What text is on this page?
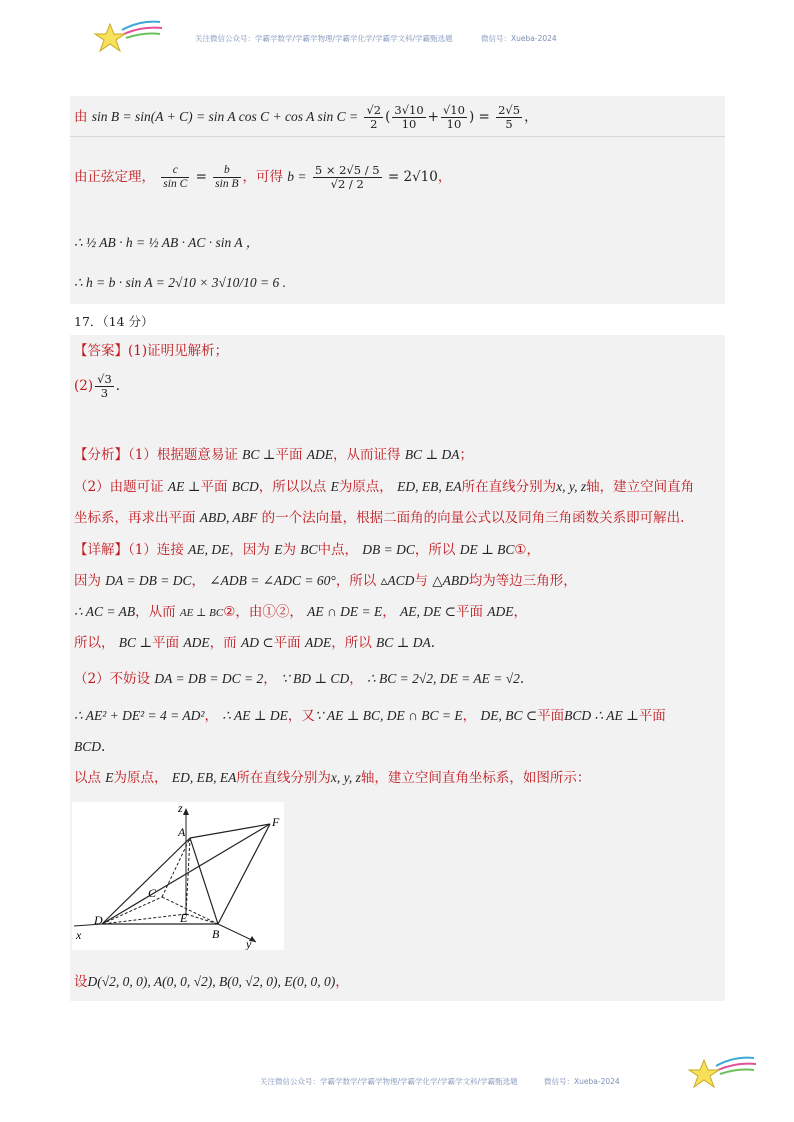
关注微信公众号：学霸学数学/学霸学物理/学霸学化学/学霸学文科/学霸甄选题	微信号：Xueba-2024
由 sin B = sin(A + C) = sin A cos C + cos A $\sin C = \frac{√2}{2}$ ( $\frac{3√10}{10} + \frac{√10}{10}$ ) = $\frac{2√5}{5}$ ，
由正弦定理， $\frac{c}{\text{sin C}} = \frac{b}{\text{sin B}}$ ，可得 $b = \frac{5 \times 2√5 / 5}{√2 / 2} = 2√10$，
∴ ½ AB · h = ½ AB · AC · sin A ，
∴ h = b · sin A = 2√10 × 3√10/10 = 6 .
17．（14 分）
【答案】(1)证明见解析；
$(2) \frac{√3}{3}$ .
【分析】（1）根据题意易证 BC ⊥平面 ADE，从而证得 BC ⊥ DA；
（2）由题可证 AE ⊥平面 BCD，所以以点 E为原点， ED, EB, EA所在直线分别为x, y, z轴，建立空间直角
坐标系，再求出平面 ABD, ABF 的一个法向量，根据二面角的向量公式以及同角三角函数关系即可解出.
【详解】（1）连接 AE, DE，因为 E为 BC中点， DB = DC，所以 DE ⊥ BC①，
因为 DA = DB = DC， ∠ADB = ∠ADC = 60°，所以 ▵ACD与 △ABD均为等边三角形，
∴ AC = AB，从而 AE ⊥ BC②，由①②， AE ∩ DE = E， AE, DE ⊂平面 ADE，
所以， BC ⊥平面 ADE，而 AD ⊂平面 ADE，所以 BC ⊥ DA.
（2）不妨设 DA = DB = DC = 2， ∵ BD ⊥ CD， ∴ BC = 2√2, DE = AE = √2.
∴ AE² + DE² = 4 = AD²， ∴ AE ⊥ DE，又∵ AE ⊥ BC, DE ∩ BC = E， DE, BC ⊂平面BCD ∴ AE ⊥平面
BCD.
以点 E为原点， ED, EB, EA所在直线分别为x, y, z轴，建立空间直角坐标系，如图所示：
z
A
F
C
D	E
B
x
y
设D(√2, 0, 0), A(0, 0, √2), B(0, √2, 0), E(0, 0, 0)，
关注微信公众号：学霸学数学/学霸学物理/学霸学化学/学霸学文科/学霸甄选题	微信号：Xueba-2024
